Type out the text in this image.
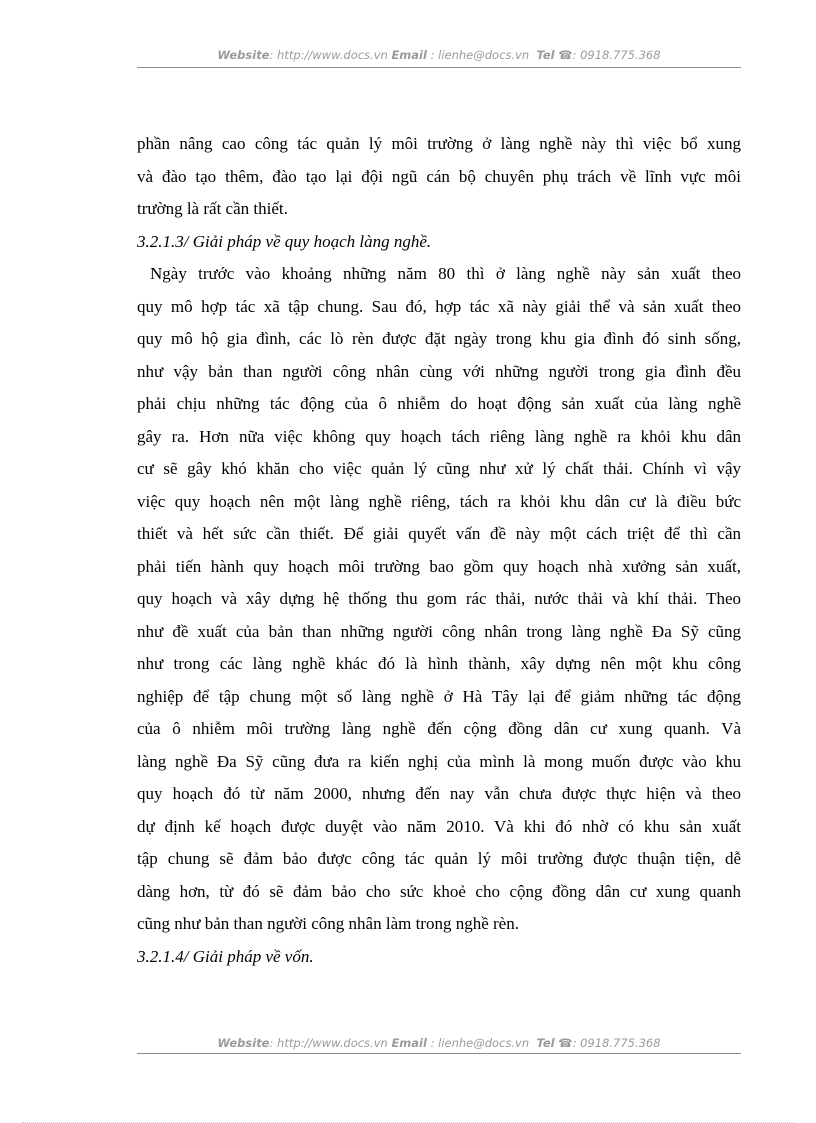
Website: http://www.docs.vn Email : lienhe@docs.vn Tel ☎: 0918.775.368
phần nâng cao công tác quản lý môi trường ở làng nghề này thì việc bổ xung
và đào tạo thêm, đào tạo lại đội ngũ cán bộ chuyên phụ trách về lĩnh vực môi
trường là rất cần thiết.
3.2.1.3/ Giải pháp về quy hoạch làng nghề.
Ngày trước vào khoảng những năm 80 thì ở làng nghề này sản xuất theo
quy mô hợp tác xã tập chung. Sau đó, hợp tác xã này giải thể và sản xuất theo
quy mô hộ gia đình, các lò rèn được đặt ngày trong khu gia đình đó sinh sống,
như vậy bản than người công nhân cùng với những người trong gia đình đều
phải chịu những tác động của ô nhiễm do hoạt động sản xuất của làng nghề
gây ra. Hơn nữa việc không quy hoạch tách riêng làng nghề ra khỏi khu dân
cư sẽ gây khó khăn cho việc quản lý cũng như xử lý chất thải. Chính vì vậy
việc quy hoạch nên một làng nghề riêng, tách ra khỏi khu dân cư là điều bức
thiết và hết sức cần thiết. Để giải quyết vấn đề này một cách triệt để thì cần
phải tiến hành quy hoạch môi trường bao gồm quy hoạch nhà xưởng sản xuất,
quy hoạch và xây dựng hệ thống thu gom rác thải, nước thải và khí thải. Theo
như đề xuất của bản than những người công nhân trong làng nghề Đa Sỹ cũng
như trong các làng nghề khác đó là hình thành, xây dựng nên một khu công
nghiệp để tập chung một số làng nghề ở Hà Tây lại để giảm những tác động
của ô nhiễm môi trường làng nghề đến cộng đồng dân cư xung quanh. Và
làng nghề Đa Sỹ cũng đưa ra kiến nghị của mình là mong muốn được vào khu
quy hoạch đó từ năm 2000, nhưng đến nay vẫn chưa được thực hiện và theo
dự định kế hoạch được duyệt vào năm 2010. Và khi đó nhờ có khu sản xuất
tập chung sẽ đảm bảo được công tác quản lý môi trường được thuận tiện, dễ
dàng hơn, từ đó sẽ đảm bảo cho sức khoẻ cho cộng đồng dân cư xung quanh
cũng như bản than người công nhân làm trong nghề rèn.
3.2.1.4/ Giải pháp về vốn.
Website: http://www.docs.vn Email : lienhe@docs.vn Tel ☎: 0918.775.368
